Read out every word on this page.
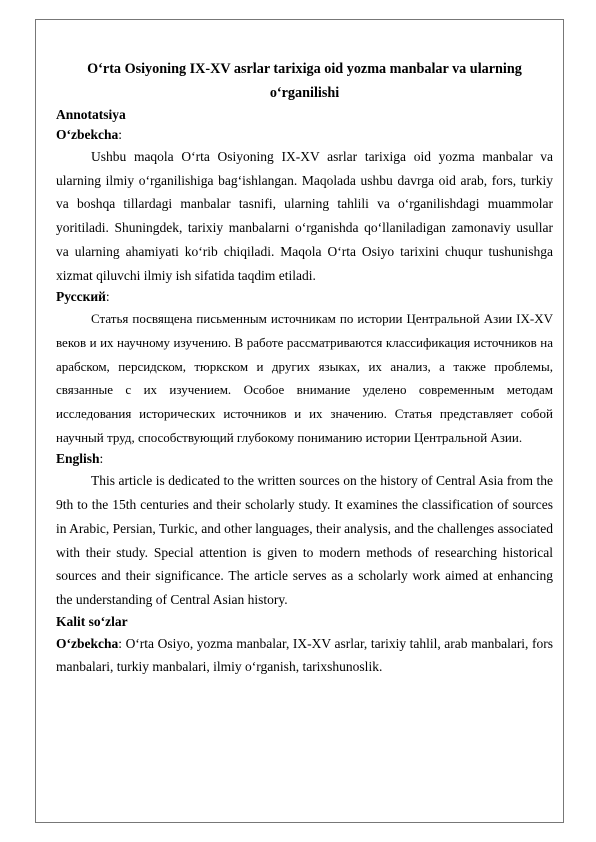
O‘rta Osiyoning IX-XV asrlar tarixiga oid yozma manbalar va ularning
o‘rganilishi
Annotatsiya
O‘zbekcha:

Ushbu maqola O‘rta Osiyoning IX-XV asrlar tarixiga oid yozma manbalar va ularning ilmiy o‘rganilishiga bag‘ishlangan. Maqolada ushbu davrga oid arab, fors, turkiy va boshqa tillardagi manbalar tasnifi, ularning tahlili va o‘rganilishdagi muammolar yoritiladi. Shuningdek, tarixiy manbalarni o‘rganishda qo‘llaniladigan zamonaviy usullar va ularning ahamiyati ko‘rib chiqiladi. Maqola O‘rta Osiyo tarixini chuqur tushunishga xizmat qiluvchi ilmiy ish sifatida taqdim etiladi.

Русский:

Статья посвящена письменным источникам по истории Центральной Азии IX-XV веков и их научному изучению. В работе рассматриваются классификация источников на арабском, персидском, тюркском и других языках, их анализ, а также проблемы, связанные с их изучением. Особое внимание уделено современным методам исследования исторических источников и их значению. Статья представляет собой научный труд, способствующий глубокому пониманию истории Центральной Азии.

English:

This article is dedicated to the written sources on the history of Central Asia from the 9th to the 15th centuries and their scholarly study. It examines the classification of sources in Arabic, Persian, Turkic, and other languages, their analysis, and the challenges associated with their study. Special attention is given to modern methods of researching historical sources and their significance. The article serves as a scholarly work aimed at enhancing the understanding of Central Asian history.

Kalit so‘zlar

O‘zbekcha: O‘rta Osiyo, yozma manbalar, IX-XV asrlar, tarixiy tahlil, arab manbalari, fors manbalari, turkiy manbalari, ilmiy o‘rganish, tarixshunoslik.
